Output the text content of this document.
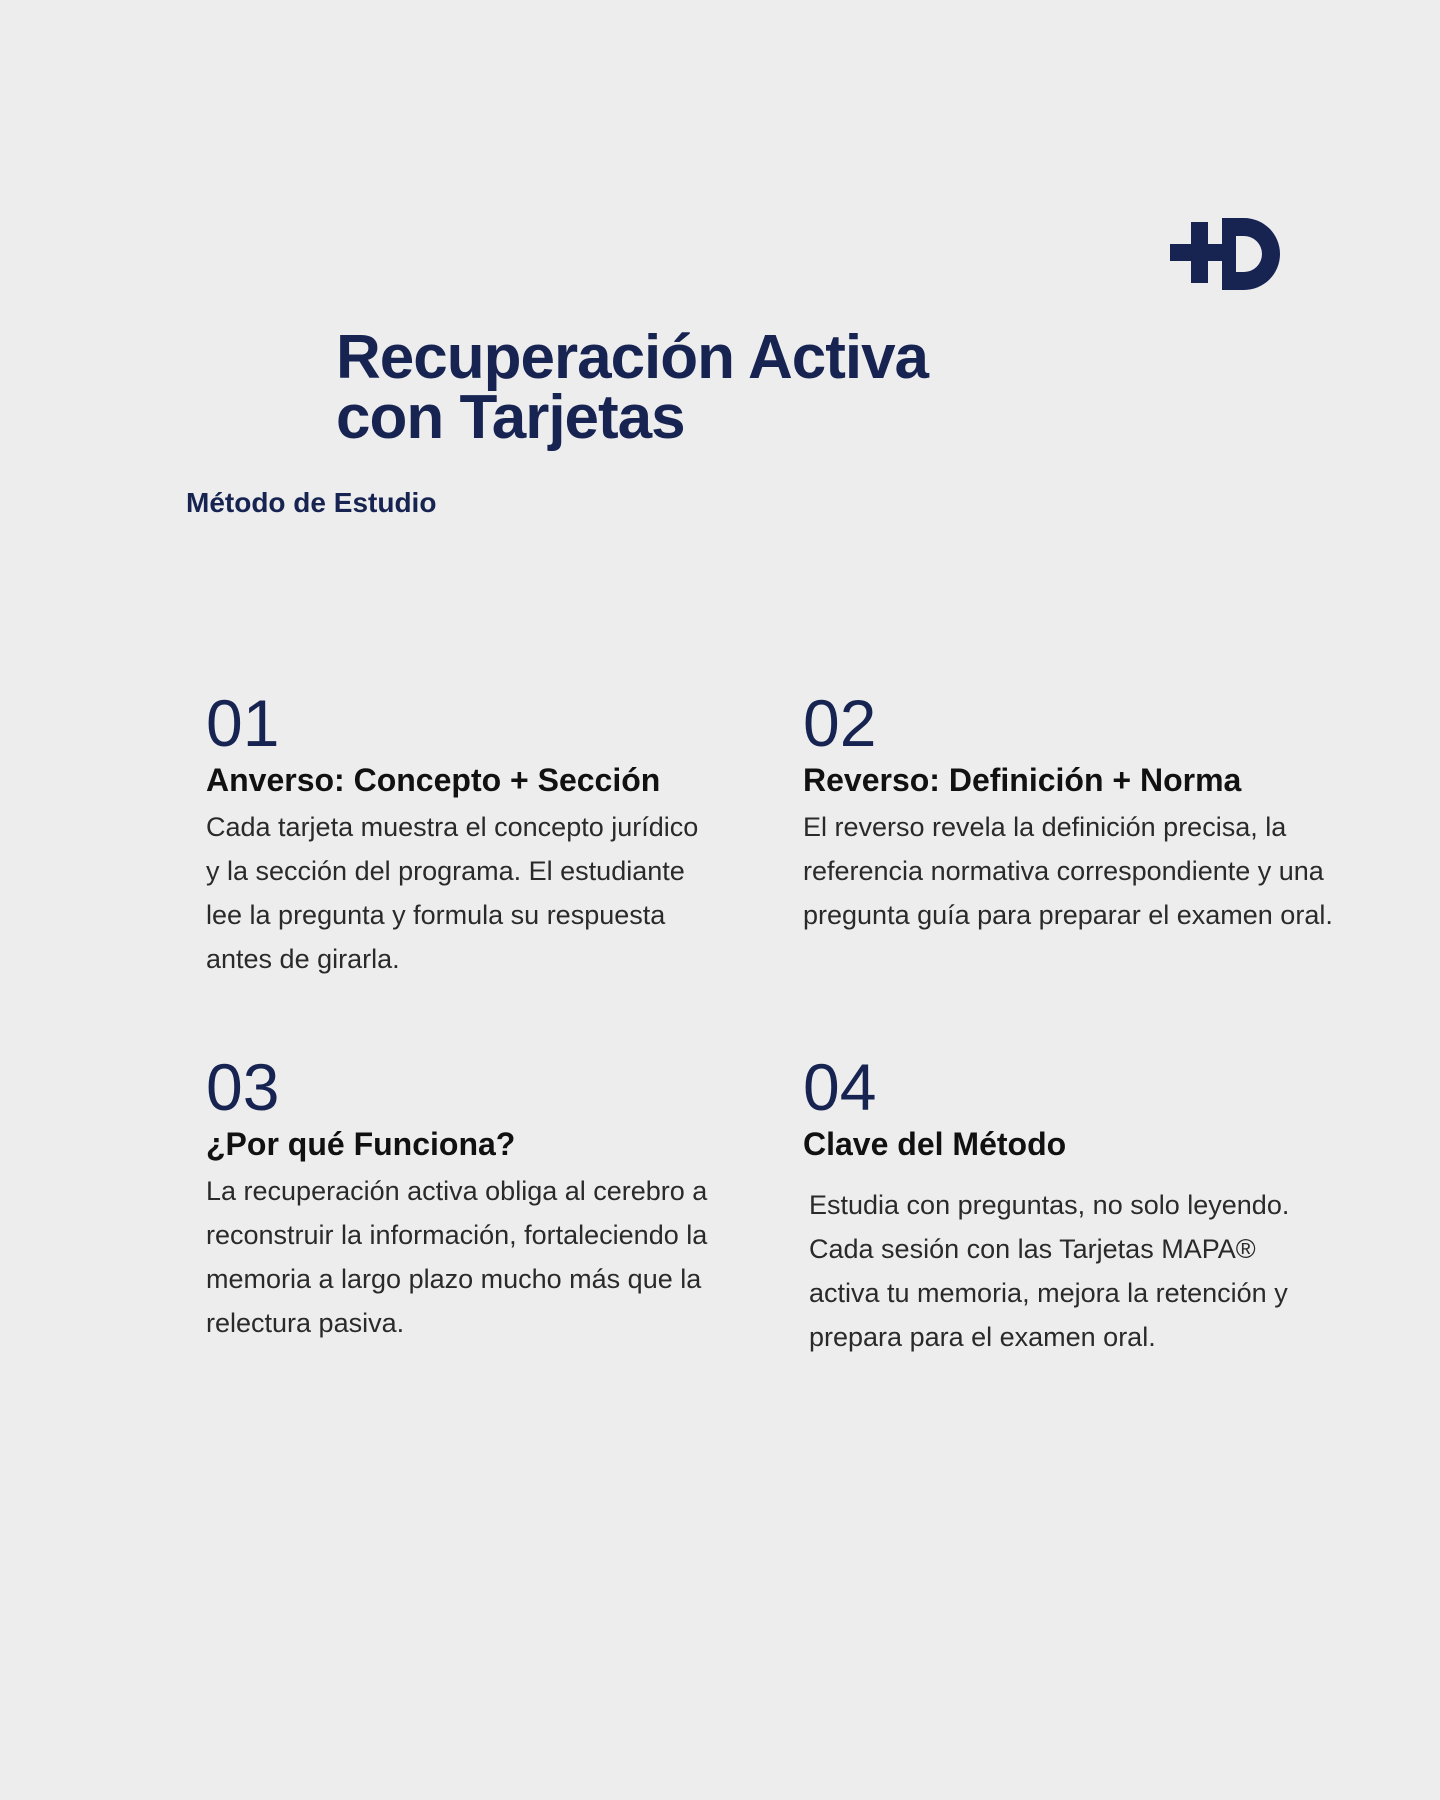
Recuperación Activa
con Tarjetas

Método de Estudio

01

Anverso: Concepto + Sección

Cada tarjeta muestra el concepto jurídico y la sección del programa. El estudiante lee la pregunta y formula su respuesta antes de girarla.

02

Reverso: Definición + Norma

El reverso revela la definición precisa, la referencia normativa correspondiente y una pregunta guía para preparar el examen oral.

03

¿Por qué Funciona?

La recuperación activa obliga al cerebro a reconstruir la información, fortaleciendo la memoria a largo plazo mucho más que la relectura pasiva.

04

Clave del Método

Estudia con preguntas, no solo leyendo. Cada sesión con las Tarjetas MAPA® activa tu memoria, mejora la retención y prepara para el examen oral.
